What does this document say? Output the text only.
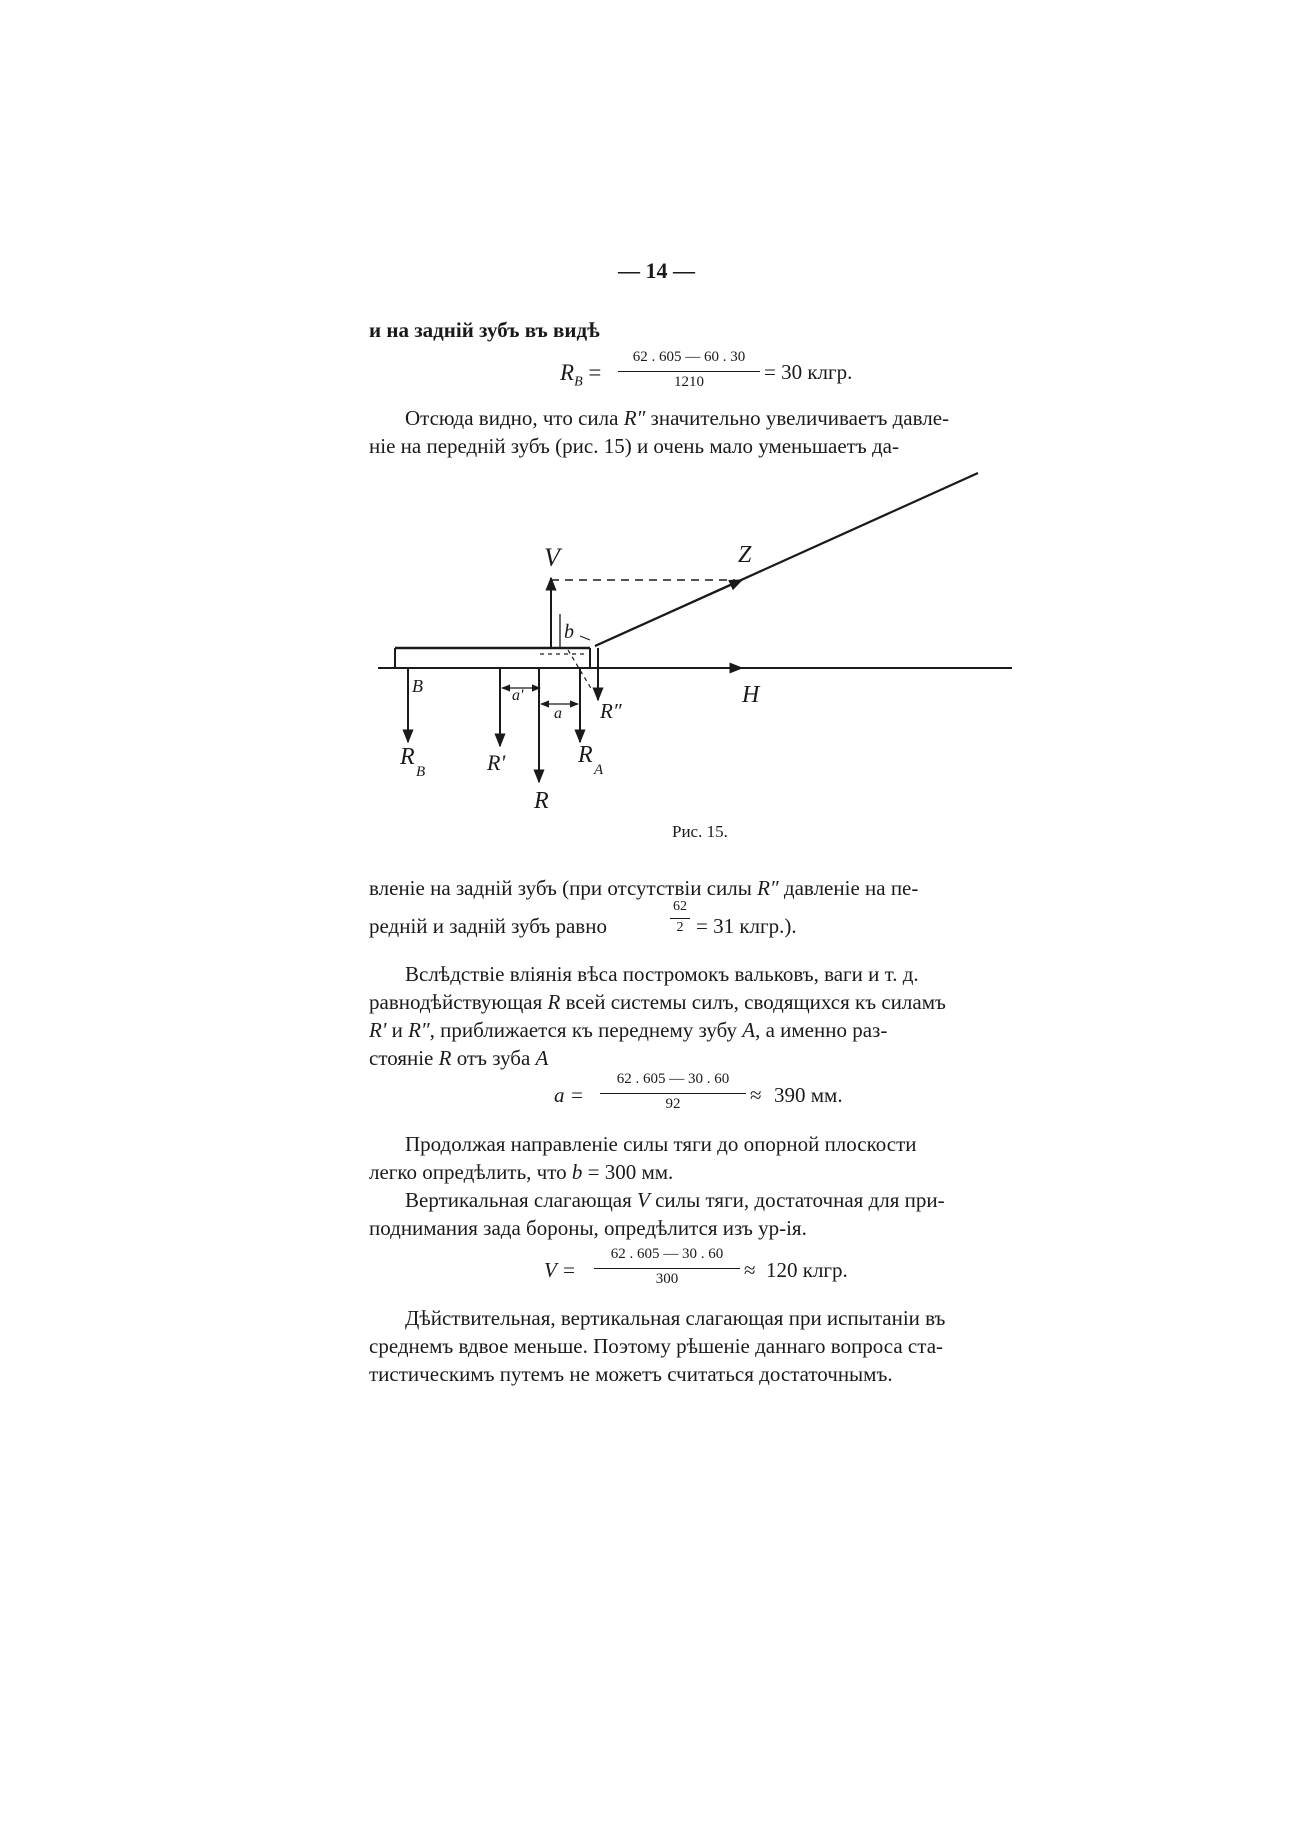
— 14 —
и на задній зубъ въ видѣ
$R_B$ =
62 . 605 — 60 . 30
1210	= 30 клгр.
Отсюда видно, что сила R″ значительно увеличиваетъ давле-
ніе на передній зубъ (рис. 15) и очень мало уменьшаетъ да-
V	Z
b
H
B	a'
a R″
R
B	R'	R
A
R
Рис. 15.
вленіе на задній зубъ (при отсутствіи силы R″ давленіе на пе-
редній и задній зубъ равно
62
2 = 31 клгр.).
Вслѣдствіе вліянія вѣса постромокъ вальковъ, ваги и т. д.
равнодѣйствующая R всей системы силъ, сводящихся къ силамъ
R' и R″, приближается къ переднему зубу A, а именно раз-
стояніе R отъ зуба A
a =
62 . 605 — 30 . 60
92	≈ 390 мм.
Продолжая направленіе силы тяги до опорной плоскости
легко опредѣлить, что b = 300 мм.
Вертикальная слагающая V силы тяги, достаточная для при-
поднимания зада бороны, опредѣлится изъ ур-ія.
V =
62 . 605 — 30 . 60
300	≈ 120 клгр.
Дѣйствительная, вертикальная слагающая при испытаніи въ
среднемъ вдвое меньше. Поэтому рѣшеніе даннаго вопроса ста-
тистическимъ путемъ не можетъ считаться достаточнымъ.
